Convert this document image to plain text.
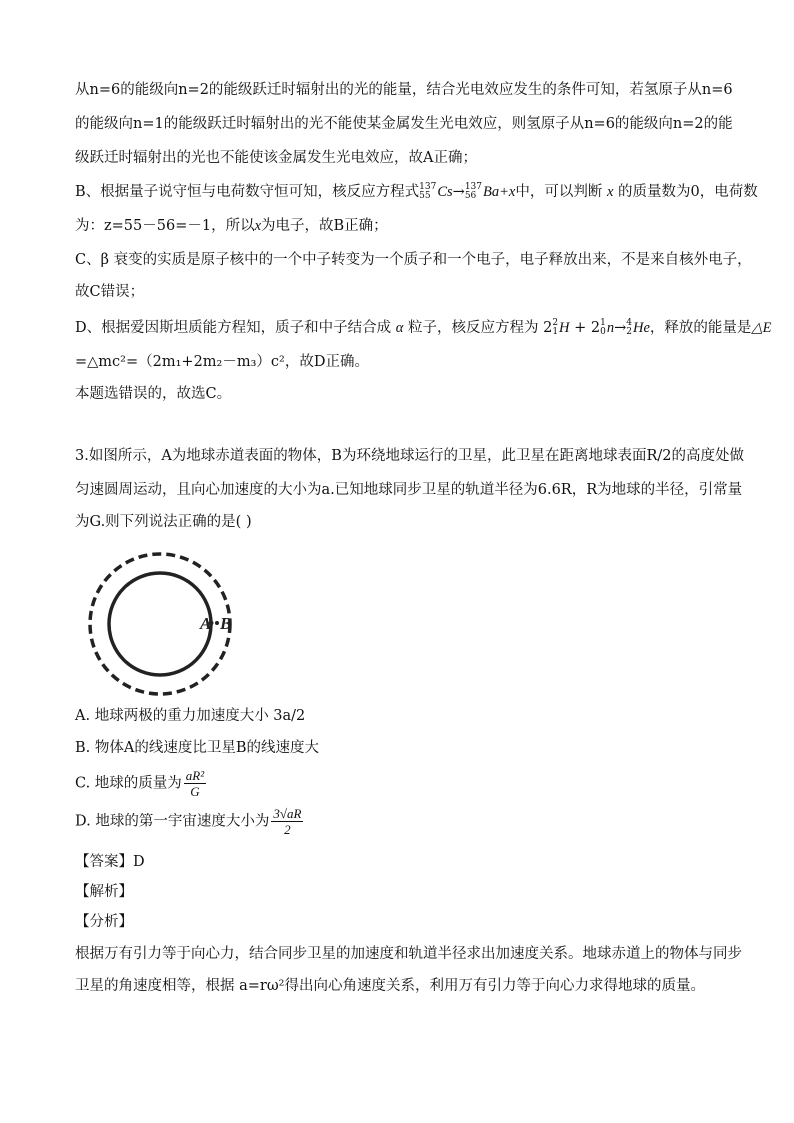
从n=6的能级向n=2的能级跃迁时辐射出的光的能量，结合光电效应发生的条件可知，若氢原子从n=6
的能级向n=1的能级跃迁时辐射出的光不能使某金属发生光电效应，则氢原子从n=6的能级向n=2的能
级跃迁时辐射出的光也不能使该金属发生光电效应，故A正确；
B、根据量子说守恒与电荷数守恒可知，核反应方程式137
55 Cs→137
56 Ba+x中，可以判断 x 的质量数为0，电荷数
为：z=55－56=－1，所以x为电子，故B正确；
C、β 衰变的实质是原子核中的一个中子转变为一个质子和一个电子，电子释放出来，不是来自核外电子，
故C错误；
D、根据爱因斯坦质能方程知，质子和中子结合成 α 粒子，核反应方程为 22
1H + 21
0n→4
2He，释放的能量是△E
=△mc²=（2m₁+2m₂－m₃）c²，故D正确。
本题选错误的，故选C。
3.如图所示，A为地球赤道表面的物体，B为环绕地球运行的卫星，此卫星在距离地球表面R/2的高度处做
匀速圆周运动，且向心加速度的大小为a.已知地球同步卫星的轨道半径为6.6R，R为地球的半径，引常量
为G.则下列说法正确的是( )
A B
A. 地球两极的重力加速度大小 3a/2
B. 物体A的线速度比卫星B的线速度大
C. 地球的质量为 $\frac{\text{aR²}}{G}$
D. 地球的第一宇宙速度大小为 $\frac{3√aR}{2}$
【答案】D
【解析】
【分析】
根据万有引力等于向心力，结合同步卫星的加速度和轨道半径求出加速度关系。地球赤道上的物体与同步
卫星的角速度相等，根据 a=rω²得出向心角速度关系，利用万有引力等于向心力求得地球的质量。
